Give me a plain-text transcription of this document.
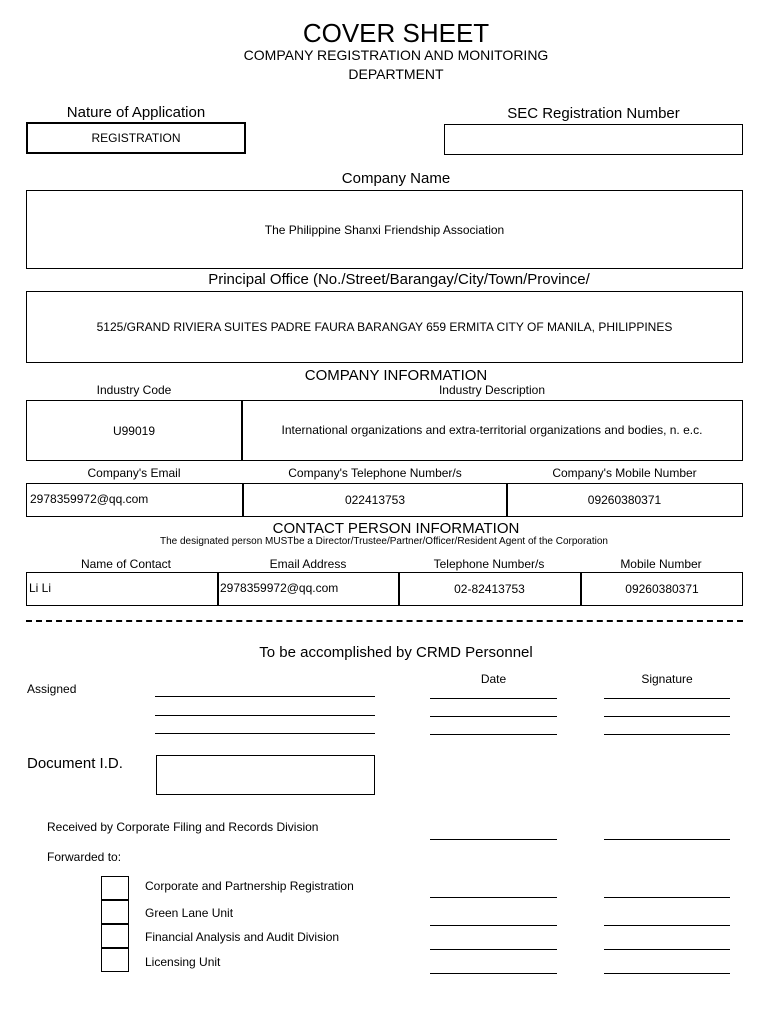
COVER SHEET
COMPANY REGISTRATION AND MONITORING
DEPARTMENT
Nature of Application
REGISTRATION
SEC Registration Number
Company Name
The Philippine Shanxi Friendship Association
Principal Office (No./Street/Barangay/City/Town/Province/
5125/GRAND RIVIERA SUITES PADRE FAURA BARANGAY 659 ERMITA CITY OF MANILA, PHILIPPINES
COMPANY INFORMATION
Industry Code	Industry Description
U99019	International organizations and extra-territorial organizations and bodies, n. e.c.
Company's Email	Company's Telephone Number/s	Company's Mobile Number
2978359972@qq.com	022413753	09260380371
CONTACT PERSON INFORMATION
The designated person MUSTbe a Director/Trustee/Partner/Officer/Resident Agent of the Corporation
Name of Contact	Email Address	Telephone Number/s	Mobile Number
Li Li	2978359972@qq.com	02-82413753	09260380371
To be accomplished by CRMD Personnel
Date	Signature
Assigned
Document I.D.
Received by Corporate Filing and Records Division
Forwarded to:
Corporate and Partnership Registration
Green Lane Unit
Financial Analysis and Audit Division
Licensing Unit
